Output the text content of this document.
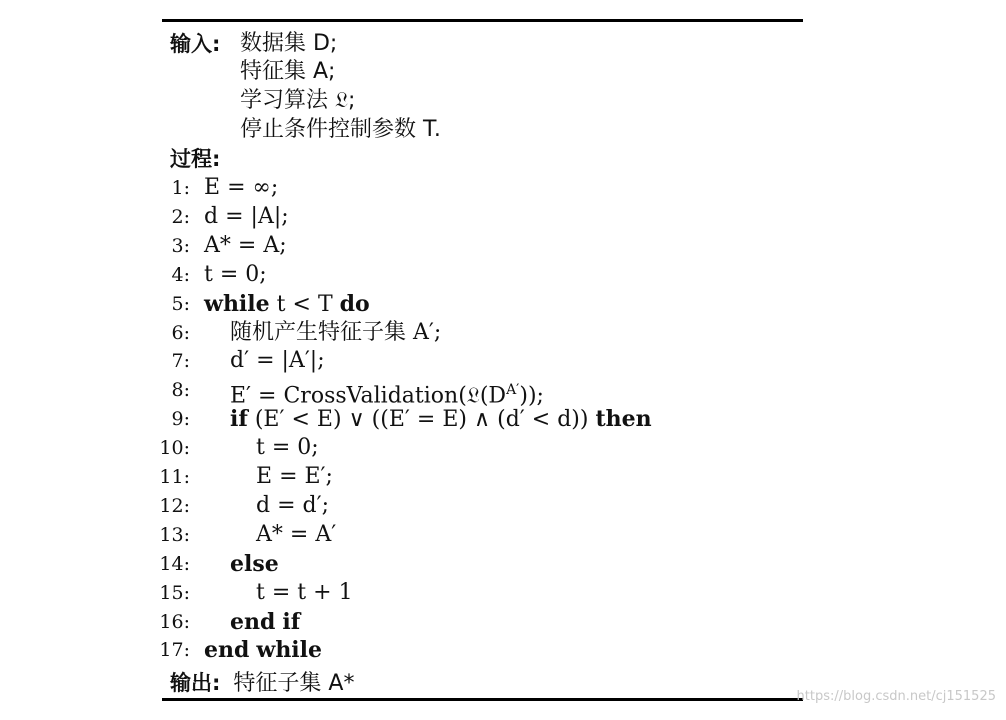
输入: 数据集 D;
特征集 A;
学习算法 𝔏;
停止条件控制参数 T.
过程:
1: E = ∞;
2: d = |A|;
3: A* = A;
4: t = 0;
5: while t < T do
6: 随机产生特征子集 A′;
7: d′ = |A′|;
8: $E' = CrossValidation(𝔏(D^{A'}))$;
9: if (E′ < E) ∨ ((E′ = E) ∧ (d′ < d)) then
10:	t = 0;
11:	E = E′;
12:	d = d′;
13:	A* = A′
14: else
15:	t = t + 1
16: end if
17: end while
输出: 特征子集 A*
https://blog.csdn.net/cj151525
